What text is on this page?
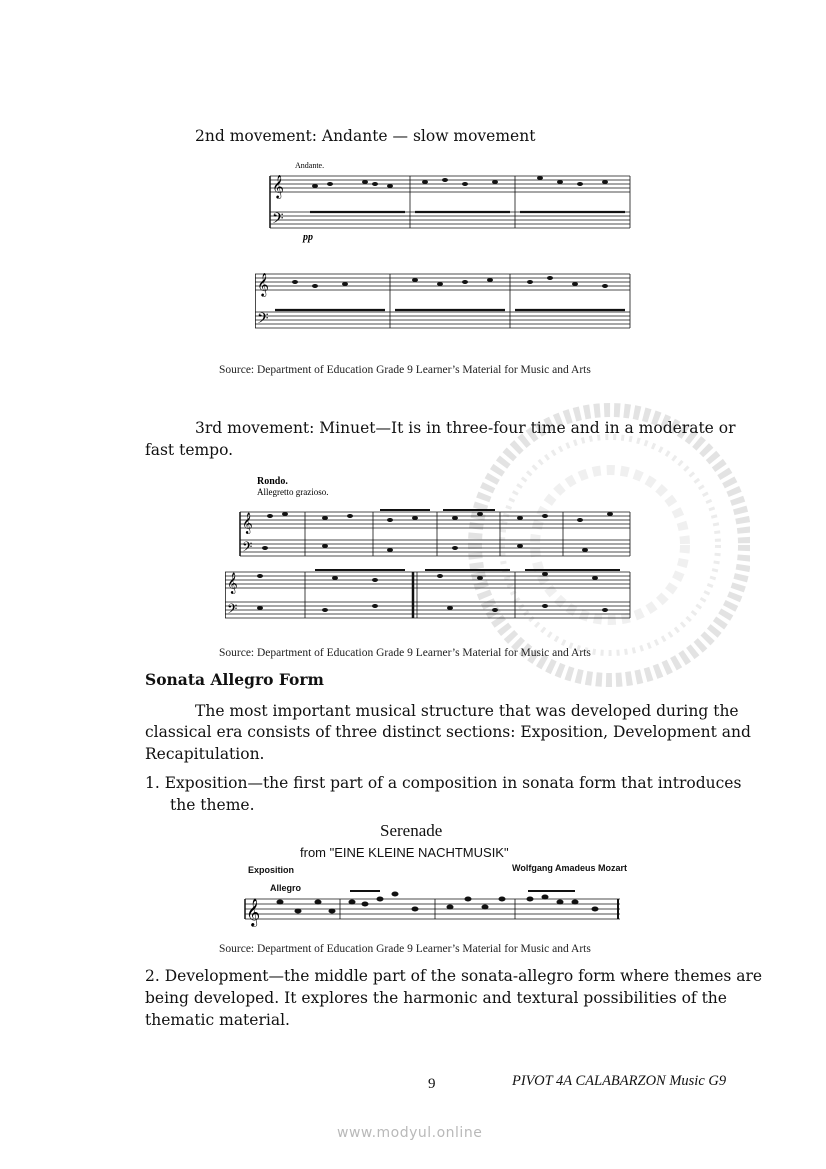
2nd movement: Andante — slow movement
Andante.
𝄞
𝄢
𝄞
𝄢
pp
Source: Department of Education Grade 9 Learner’s Material for Music and Arts
3rd movement: Minuet—It is in three-four time and in a moderate or
fast tempo.
Rondo.
Allegretto grazioso.
𝄞
𝄢
𝄞
𝄢
Source: Department of Education Grade 9 Learner’s Material for Music and Arts
Sonata Allegro Form
The most important musical structure that was developed during the
classical era consists of three distinct sections: Exposition, Development and
Recapitulation.
1. Exposition—the first part of a composition in sonata form that introduces
the theme.
Serenade
from "EINE KLEINE NACHTMUSIK"
Exposition	Wolfgang Amadeus Mozart
Allegro
𝄞
Source: Department of Education Grade 9 Learner’s Material for Music and Arts
2. Development—the middle part of the sonata-allegro form where themes are
being developed. It explores the harmonic and textural possibilities of the
thematic material.
9	PIVOT 4A CALABARZON Music G9
www.modyul.online
